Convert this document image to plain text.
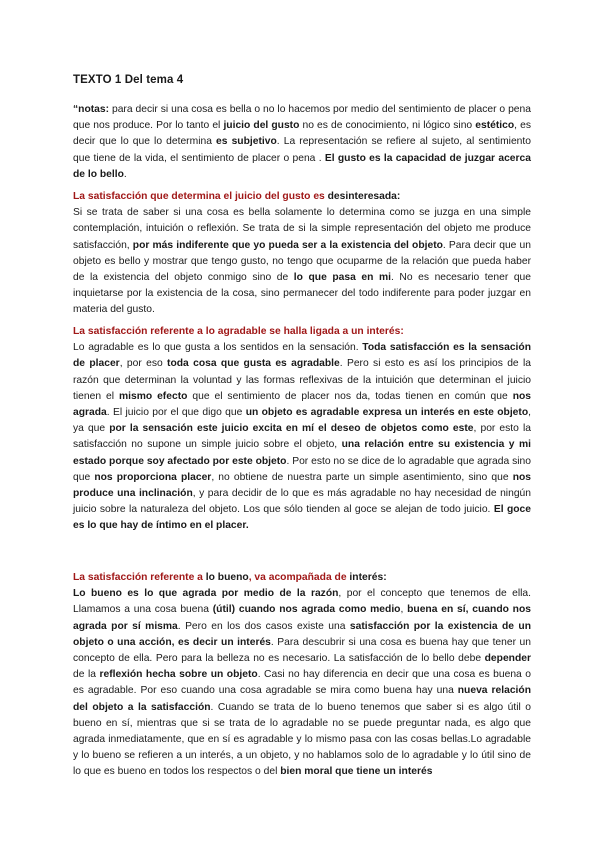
TEXTO 1 Del tema 4

“notas: para decir si una cosa es bella o no lo hacemos por medio del sentimiento de placer o pena que nos produce. Por lo tanto el juicio del gusto no es de conocimiento, ni lógico sino estético, es decir que lo que lo determina es subjetivo. La representación se refiere al sujeto, al sentimiento que tiene de la vida, el sentimiento de placer o pena . El gusto es la capacidad de juzgar acerca de lo bello.

La satisfacción que determina el juicio del gusto es desinteresada:

Si se trata de saber si una cosa es bella solamente lo determina como se juzga en una simple contemplación, intuición o reflexión. Se trata de si la simple representación del objeto me produce satisfacción, por más indiferente que yo pueda ser a la existencia del objeto. Para decir que un objeto es bello y mostrar que tengo gusto, no tengo que ocuparme de la relación que pueda haber de la existencia del objeto conmigo sino de lo que pasa en mi. No es necesario tener que inquietarse por la existencia de la cosa, sino permanecer del todo indiferente para poder juzgar en materia del gusto.

La satisfacción referente a lo agradable se halla ligada a un interés:

Lo agradable es lo que gusta a los sentidos en la sensación. Toda satisfacción es la sensación de placer, por eso toda cosa que gusta es agradable. Pero si esto es así los principios de la razón que determinan la voluntad y las formas reflexivas de la intuición que determinan el juicio tienen el mismo efecto que el sentimiento de placer nos da, todas tienen en común que nos agrada. El juicio por el que digo que un objeto es agradable expresa un interés en este objeto, ya que por la sensación este juicio excita en mí el deseo de objetos como este, por esto la satisfacción no supone un simple juicio sobre el objeto, una relación entre su existencia y mi estado porque soy afectado por este objeto. Por esto no se dice de lo agradable que agrada sino que nos proporciona placer, no obtiene de nuestra parte un simple asentimiento, sino que nos produce una inclinación, y para decidir de lo que es más agradable no hay necesidad de ningún juicio sobre la naturaleza del objeto. Los que sólo tienden al goce se alejan de todo juicio. El goce es lo que hay de íntimo en el placer.

La satisfacción referente a lo bueno, va acompañada de interés:

Lo bueno es lo que agrada por medio de la razón, por el concepto que tenemos de ella. Llamamos a una cosa buena (útil) cuando nos agrada como medio, buena en sí, cuando nos agrada por sí misma. Pero en los dos casos existe una satisfacción por la existencia de un objeto o una acción, es decir un interés. Para descubrir si una cosa es buena hay que tener un concepto de ella. Pero para la belleza no es necesario. La satisfacción de lo bello debe depender de la reflexión hecha sobre un objeto. Casi no hay diferencia en decir que una cosa es buena o es agradable. Por eso cuando una cosa agradable se mira como buena hay una nueva relación del objeto a la satisfacción. Cuando se trata de lo bueno tenemos que saber si es algo útil o bueno en sí, mientras que si se trata de lo agradable no se puede preguntar nada, es algo que agrada inmediatamente, que en sí es agradable y lo mismo pasa con las cosas bellas.Lo agradable y lo bueno se refieren a un interés, a un objeto, y no hablamos solo de lo agradable y lo útil sino de lo que es bueno en todos los respectos o del bien moral que tiene un interés
